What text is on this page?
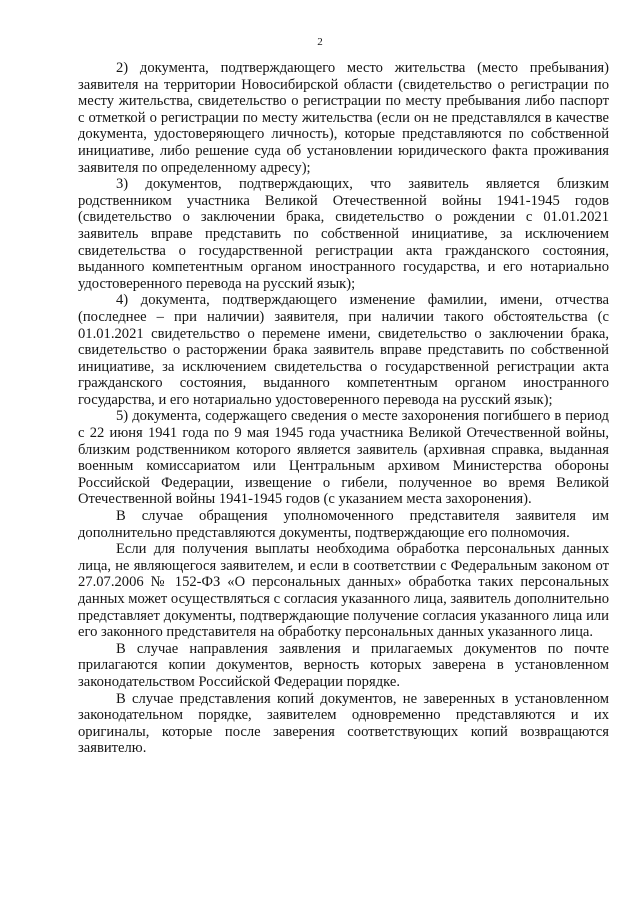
2

2) документа, подтверждающего место жительства (место пребывания) заявителя на территории Новосибирской области (свидетельство о регистрации по месту жительства, свидетельство о регистрации по месту пребывания либо паспорт с отметкой о регистрации по месту жительства (если он не представлялся в качестве документа, удостоверяющего личность), которые представляются по собственной инициативе, либо решение суда об установлении юридического факта проживания заявителя по определенному адресу);

3) документов, подтверждающих, что заявитель является близким родственником участника Великой Отечественной войны 1941-1945 годов (свидетельство о заключении брака, свидетельство о рождении с 01.01.2021 заявитель вправе представить по собственной инициативе, за исключением свидетельства о государственной регистрации акта гражданского состояния, выданного компетентным органом иностранного государства, и его нотариально удостоверенного перевода на русский язык);

4) документа, подтверждающего изменение фамилии, имени, отчества (последнее – при наличии) заявителя, при наличии такого обстоятельства (с 01.01.2021 свидетельство о перемене имени, свидетельство о заключении брака, свидетельство о расторжении брака заявитель вправе представить по собственной инициативе, за исключением свидетельства о государственной регистрации акта гражданского состояния, выданного компетентным органом иностранного государства, и его нотариально удостоверенного перевода на русский язык);

5) документа, содержащего сведения о месте захоронения погибшего в период с 22 июня 1941 года по 9 мая 1945 года участника Великой Отечественной войны, близким родственником которого является заявитель (архивная справка, выданная военным комиссариатом или Центральным архивом Министерства обороны Российской Федерации, извещение о гибели, полученное во время Великой Отечественной войны 1941-1945 годов (с указанием места захоронения).

В случае обращения уполномоченного представителя заявителя им дополнительно представляются документы, подтверждающие его полномочия.

Если для получения выплаты необходима обработка персональных данных лица, не являющегося заявителем, и если в соответствии с Федеральным законом от 27.07.2006 № 152-ФЗ «О персональных данных» обработка таких персональных данных может осуществляться с согласия указанного лица, заявитель дополнительно представляет документы, подтверждающие получение согласия указанного лица или его законного представителя на обработку персональных данных указанного лица.

В случае направления заявления и прилагаемых документов по почте прилагаются копии документов, верность которых заверена в установленном законодательством Российской Федерации порядке.

В случае представления копий документов, не заверенных в установленном законодательном порядке, заявителем одновременно представляются и их оригиналы, которые после заверения соответствующих копий возвращаются заявителю.
